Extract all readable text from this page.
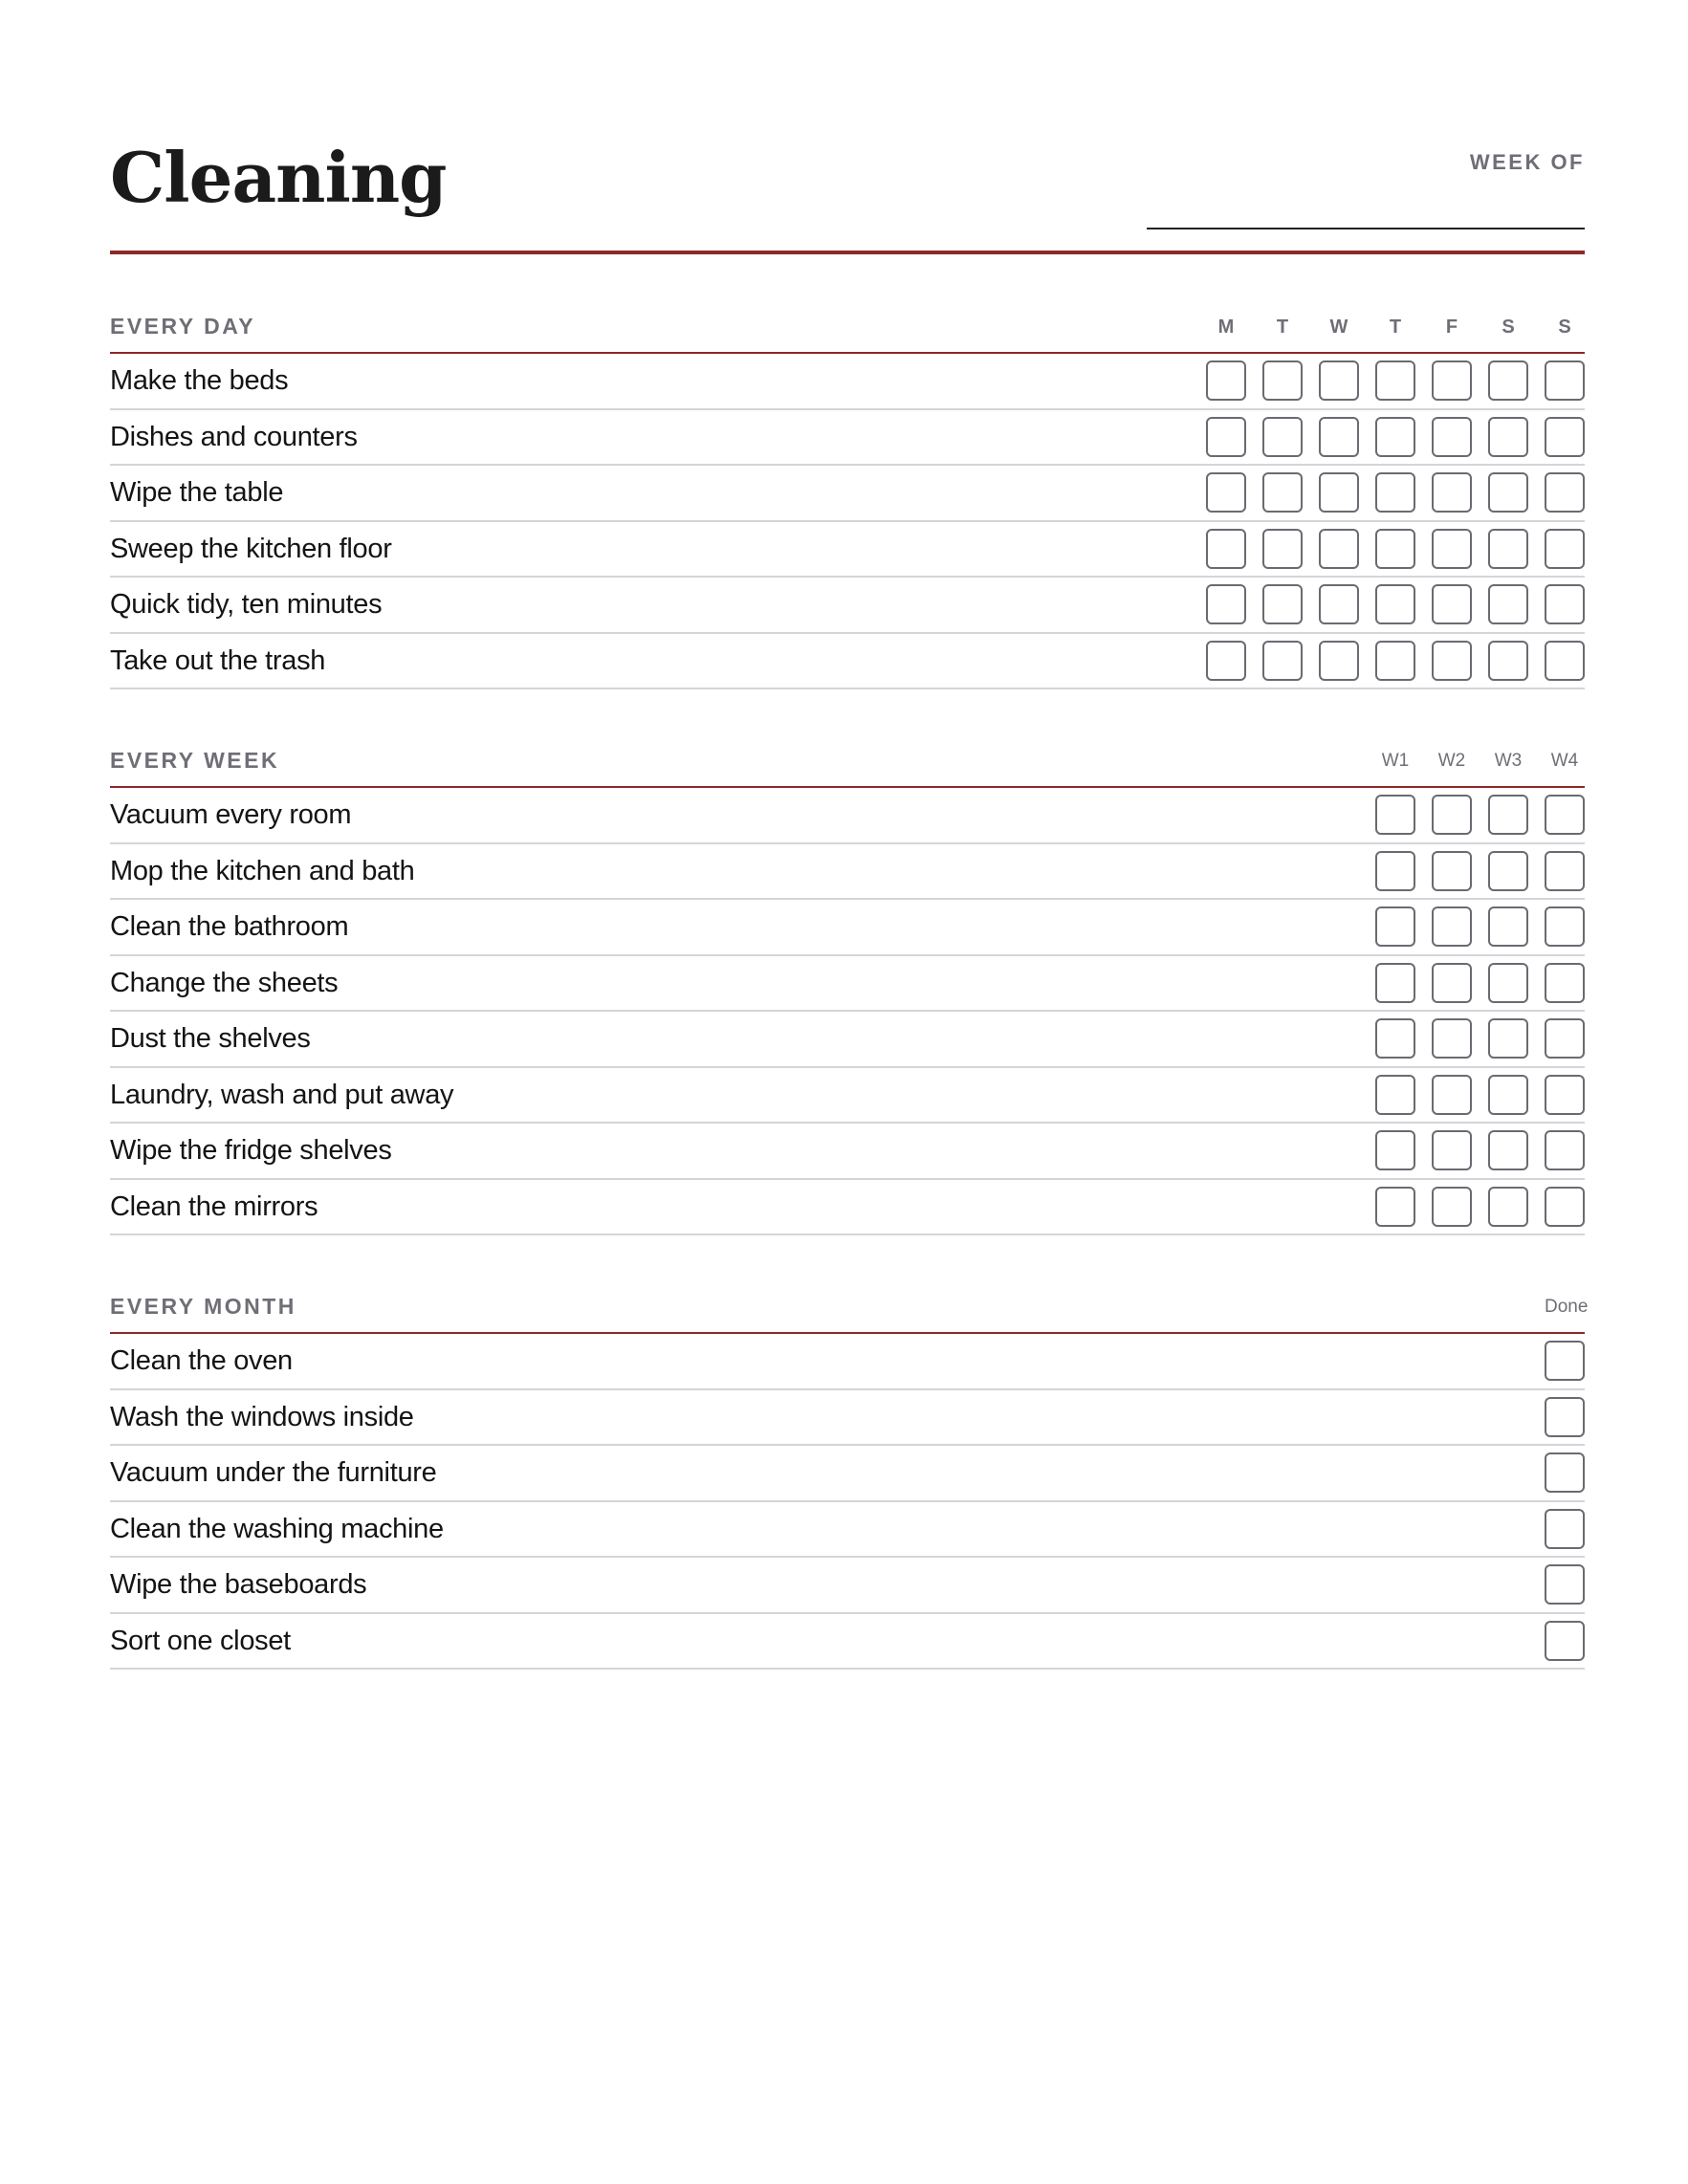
Cleaning	WEEK OF
EVERY DAY	M	T	W	T	F	S	S
Make the beds
Dishes and counters
Wipe the table
Sweep the kitchen floor
Quick tidy, ten minutes
Take out the trash
EVERY WEEK	W1	W2	W3	W4
Vacuum every room
Mop the kitchen and bath
Clean the bathroom
Change the sheets
Dust the shelves
Laundry, wash and put away
Wipe the fridge shelves
Clean the mirrors
EVERY MONTH	Done
Clean the oven
Wash the windows inside
Vacuum under the furniture
Clean the washing machine
Wipe the baseboards
Sort one closet
